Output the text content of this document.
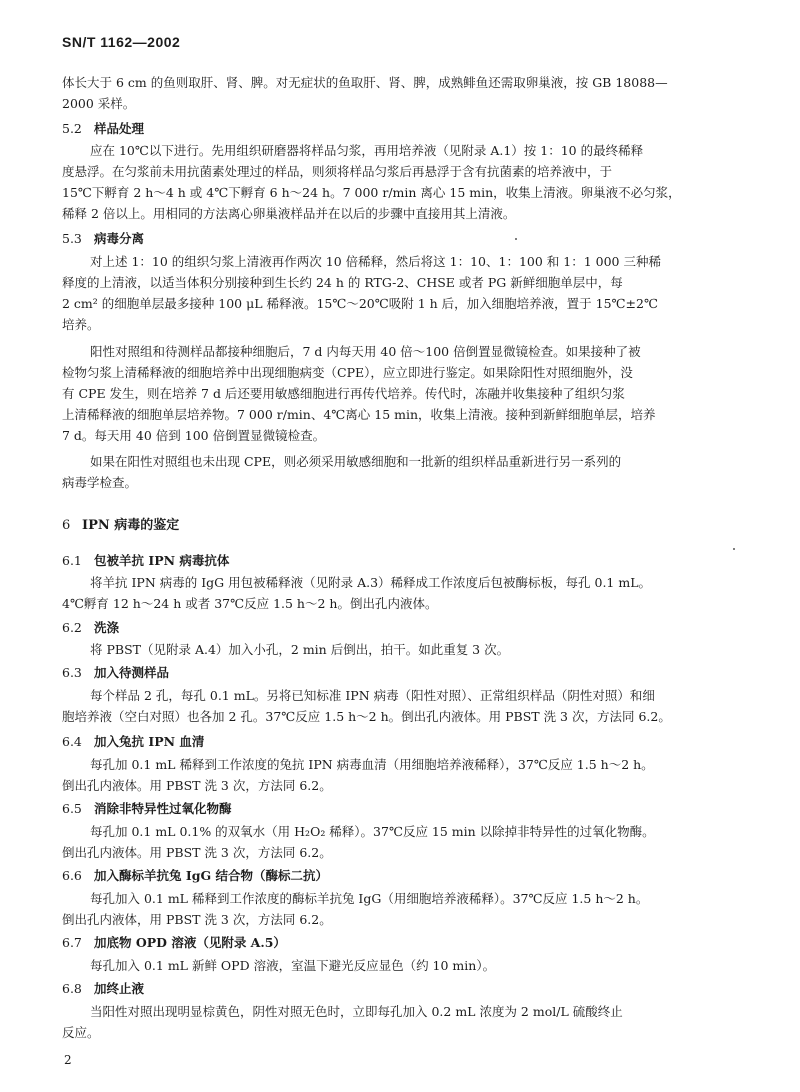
SN/T 1162—2002
体长大于 6 cm 的鱼则取肝、肾、脾。对无症状的鱼取肝、肾、脾，成熟鲱鱼还需取卵巢液，按 GB 18088—
2000 采样。
5.2 样品处理
应在 10℃以下进行。先用组织研磨器将样品匀浆，再用培养液（见附录 A.1）按 1：10 的最终稀释
度悬浮。在匀浆前未用抗菌素处理过的样品，则须将样品匀浆后再悬浮于含有抗菌素的培养液中，于
15℃下孵育 2 h～4 h 或 4℃下孵育 6 h～24 h。7 000 r/min 离心 15 min，收集上清液。卵巢液不必匀浆，
稀释 2 倍以上。用相同的方法离心卵巢液样品并在以后的步骤中直接用其上清液。
5.3 病毒分离
对上述 1：10 的组织匀浆上清液再作两次 10 倍稀释，然后将这 1：10、1：100 和 1：1 000 三种稀
释度的上清液，以适当体积分别接种到生长约 24 h 的 RTG-2、CHSE 或者 PG 新鲜细胞单层中，每
2 cm² 的细胞单层最多接种 100 μL 稀释液。15℃～20℃吸附 1 h 后，加入细胞培养液，置于 15℃±2℃
培养。
阳性对照组和待测样品都接种细胞后，7 d 内每天用 40 倍～100 倍倒置显微镜检查。如果接种了被
检物匀浆上清稀释液的细胞培养中出现细胞病变（CPE），应立即进行鉴定。如果除阳性对照细胞外，没
有 CPE 发生，则在培养 7 d 后还要用敏感细胞进行再传代培养。传代时，冻融并收集接种了组织匀浆
上清稀释液的细胞单层培养物。7 000 r/min、4℃离心 15 min，收集上清液。接种到新鲜细胞单层，培养
7 d。每天用 40 倍到 100 倍倒置显微镜检查。
如果在阳性对照组也未出现 CPE，则必须采用敏感细胞和一批新的组织样品重新进行另一系列的
病毒学检查。
6 IPN 病毒的鉴定
6.1 包被羊抗 IPN 病毒抗体
将羊抗 IPN 病毒的 IgG 用包被稀释液（见附录 A.3）稀释成工作浓度后包被酶标板，每孔 0.1 mL。
4℃孵育 12 h～24 h 或者 37℃反应 1.5 h～2 h。倒出孔内液体。
6.2 洗涤
将 PBST（见附录 A.4）加入小孔，2 min 后倒出，拍干。如此重复 3 次。
6.3 加入待测样品
每个样品 2 孔，每孔 0.1 mL。另将已知标准 IPN 病毒（阳性对照）、正常组织样品（阴性对照）和细
胞培养液（空白对照）也各加 2 孔。37℃反应 1.5 h～2 h。倒出孔内液体。用 PBST 洗 3 次，方法同 6.2。
6.4 加入兔抗 IPN 血清
每孔加 0.1 mL 稀释到工作浓度的兔抗 IPN 病毒血清（用细胞培养液稀释），37℃反应 1.5 h～2 h。
倒出孔内液体。用 PBST 洗 3 次，方法同 6.2。
6.5 消除非特异性过氧化物酶
每孔加 0.1 mL 0.1% 的双氧水（用 H₂O₂ 稀释）。37℃反应 15 min 以除掉非特异性的过氧化物酶。
倒出孔内液体。用 PBST 洗 3 次，方法同 6.2。
6.6 加入酶标羊抗兔 IgG 结合物（酶标二抗）
每孔加入 0.1 mL 稀释到工作浓度的酶标羊抗兔 IgG（用细胞培养液稀释）。37℃反应 1.5 h～2 h。
倒出孔内液体，用 PBST 洗 3 次，方法同 6.2。
6.7 加底物 OPD 溶液（见附录 A.5）
每孔加入 0.1 mL 新鲜 OPD 溶液，室温下避光反应显色（约 10 min）。
6.8 加终止液
当阳性对照出现明显棕黄色，阴性对照无色时，立即每孔加入 0.2 mL 浓度为 2 mol/L 硫酸终止
反应。
2
